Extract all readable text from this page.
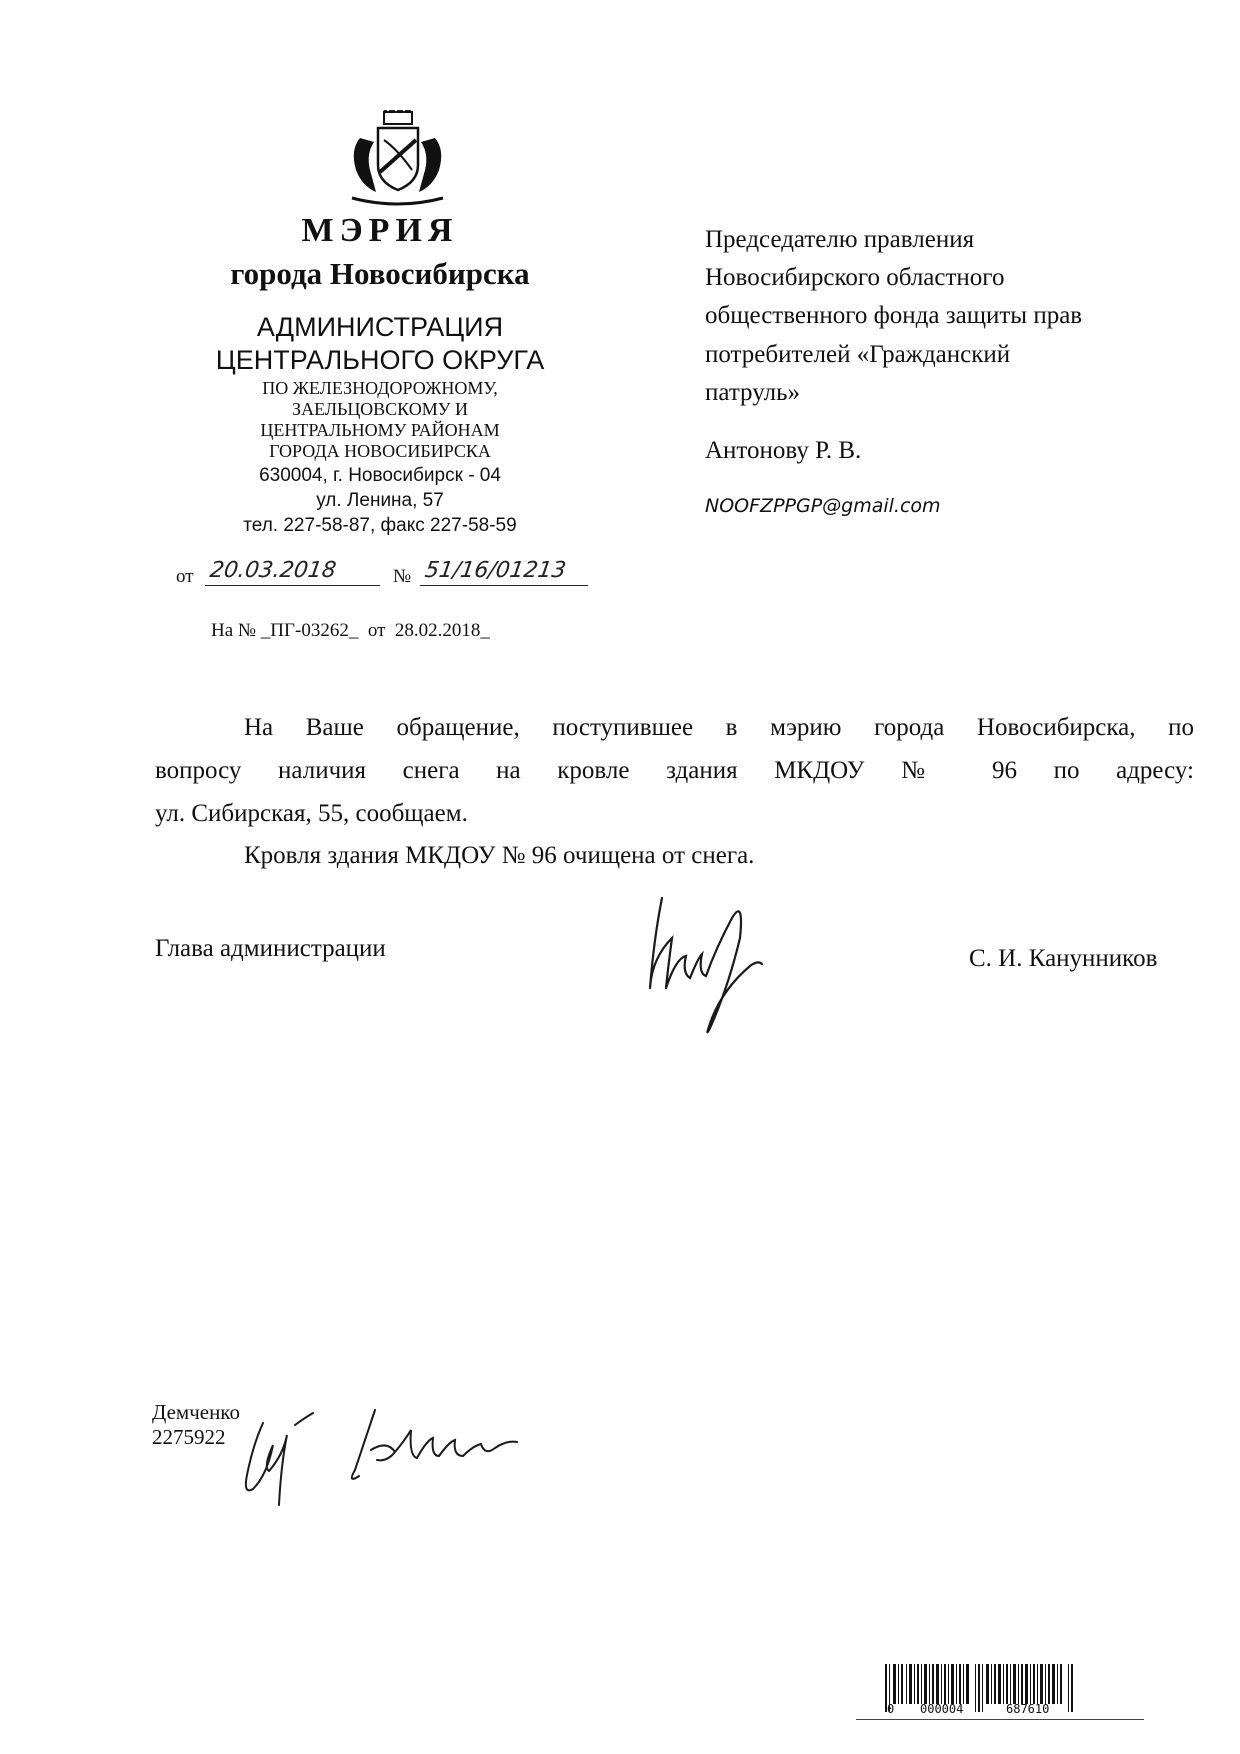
МЭРИЯ
города Новосибирска
АДМИНИСТРАЦИЯ
ЦЕНТРАЛЬНОГО ОКРУГА
ПО ЖЕЛЕЗНОДОРОЖНОМУ,
ЗАЕЛЬЦОВСКОМУ И
ЦЕНТРАЛЬНОМУ РАЙОНАМ
ГОРОДА НОВОСИБИРСКА
630004, г. Новосибирск - 04
ул. Ленина, 57
тел. 227-58-87, факс 227-58-59
от 20.03.2018	№ 51/16/01213
На № _ПГ-03262_  от  28.02.2018_
Председателю правления
Новосибирского областного
общественного фонда защиты прав
потребителей «Гражданский
патруль»
Антонову Р. В.
NOOFZPPGP@gmail.com
На Ваше обращение, поступившее в мэрию города Новосибирска, по
вопросу наличия снега на кровле здания МКДОУ № 96 по адресу:
ул. Сибирская, 55, сообщаем.
Кровля здания МКДОУ № 96 очищена от снега.
Глава администрации	С. И. Канунников
Демченко
2275922
0 000004	687610
